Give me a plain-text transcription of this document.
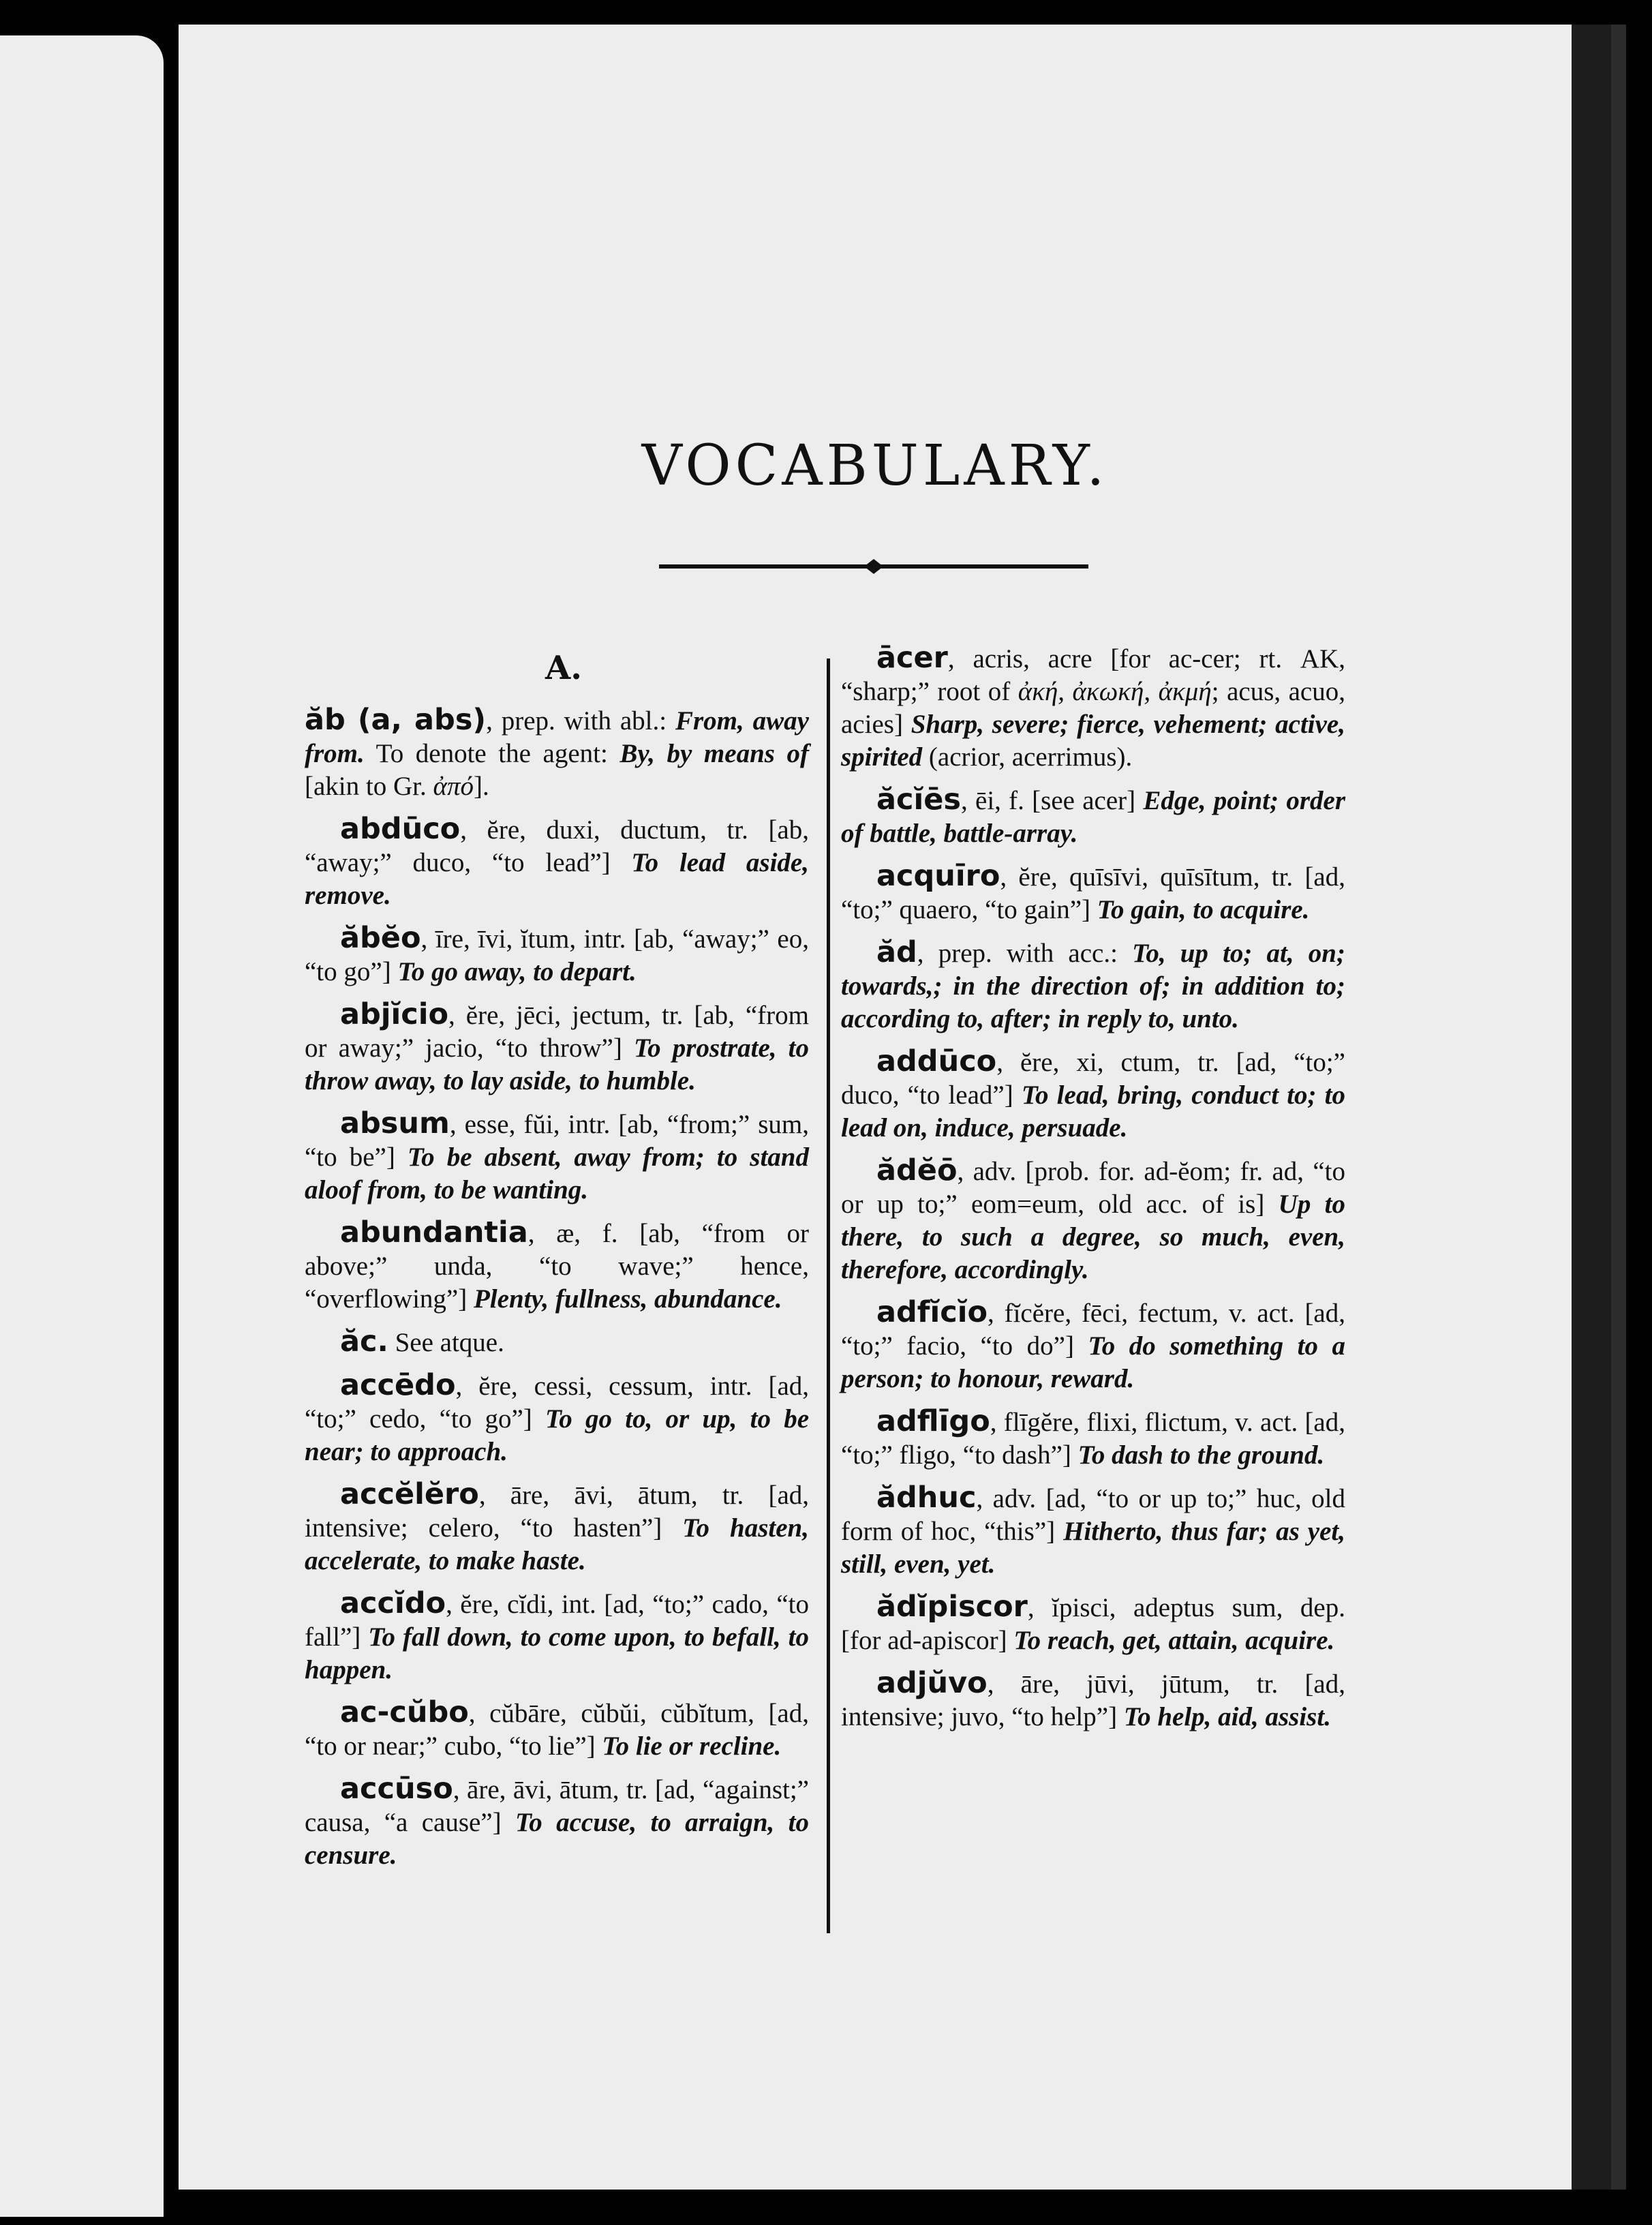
VOCABULARY.
A.
ăb (a, abs), prep. with abl.: From, away from. To denote the agent: By, by means of [akin to Gr. ἀπό].
abdūco, ĕre, duxi, ductum, tr. [ab, “away;” duco, “to lead”] To lead aside, remove.
ăbĕo, īre, īvi, ĭtum, intr. [ab, “away;” eo, “to go”] To go away, to depart.
abjĭcio, ĕre, jēci, jectum, tr. [ab, “from or away;” jacio, “to throw”] To prostrate, to throw away, to lay aside, to humble.
absum, esse, fŭi, intr. [ab, “from;” sum, “to be”] To be absent, away from; to stand aloof from, to be wanting.
abundantia, æ, f. [ab, “from or above;” unda, “to wave;” hence, “overflowing”] Plenty, fullness, abundance.
ăc. See atque.
accēdo, ĕre, cessi, cessum, intr. [ad, “to;” cedo, “to go”] To go to, or up, to be near; to approach.
accĕlĕro, āre, āvi, ātum, tr. [ad, intensive; celero, “to hasten”] To hasten, accelerate, to make haste.
accĭdo, ĕre, cĭdi, int. [ad, “to;” cado, “to fall”] To fall down, to come upon, to befall, to happen.
ac-cŭbo, cŭbāre, cŭbŭi, cŭbĭtum, [ad, “to or near;” cubo, “to lie”] To lie or recline.
accūso, āre, āvi, ātum, tr. [ad, “against;” causa, “a cause”] To accuse, to arraign, to censure.
ācer, acris, acre [for ac-cer; rt. ΑΚ, “sharp;” root of ἀκή, ἀκωκή, ἀκμή; acus, acuo, acies] Sharp, severe; fierce, vehement; active, spirited (acrior, acerrimus).
ăcĭēs, ēi, f. [see acer] Edge, point; order of battle, battle-array.
acquīro, ĕre, quīsīvi, quīsītum, tr. [ad, “to;” quaero, “to gain”] To gain, to acquire.
ăd, prep. with acc.: To, up to; at, on; towards,; in the direction of; in addition to; according to, after; in reply to, unto.
addūco, ĕre, xi, ctum, tr. [ad, “to;” duco, “to lead”] To lead, bring, conduct to; to lead on, induce, persuade.
ădĕō, adv. [prob. for. ad-ĕom; fr. ad, “to or up to;” eom=eum, old acc. of is] Up to there, to such a degree, so much, even, therefore, accordingly.
adfĭcĭo, fĭcĕre, fēci, fectum, v. act. [ad, “to;” facio, “to do”] To do something to a person; to honour, reward.
adflīgo, flīgĕre, flixi, flictum, v. act. [ad, “to;” fligo, “to dash”] To dash to the ground.
ădhuc, adv. [ad, “to or up to;” huc, old form of hoc, “this”] Hitherto, thus far; as yet, still, even, yet.
ădĭpiscor, ĭpisci, adeptus sum, dep. [for ad-apiscor] To reach, get, attain, acquire.
adjŭvo, āre, jūvi, jūtum, tr. [ad, intensive; juvo, “to help”] To help, aid, assist.
